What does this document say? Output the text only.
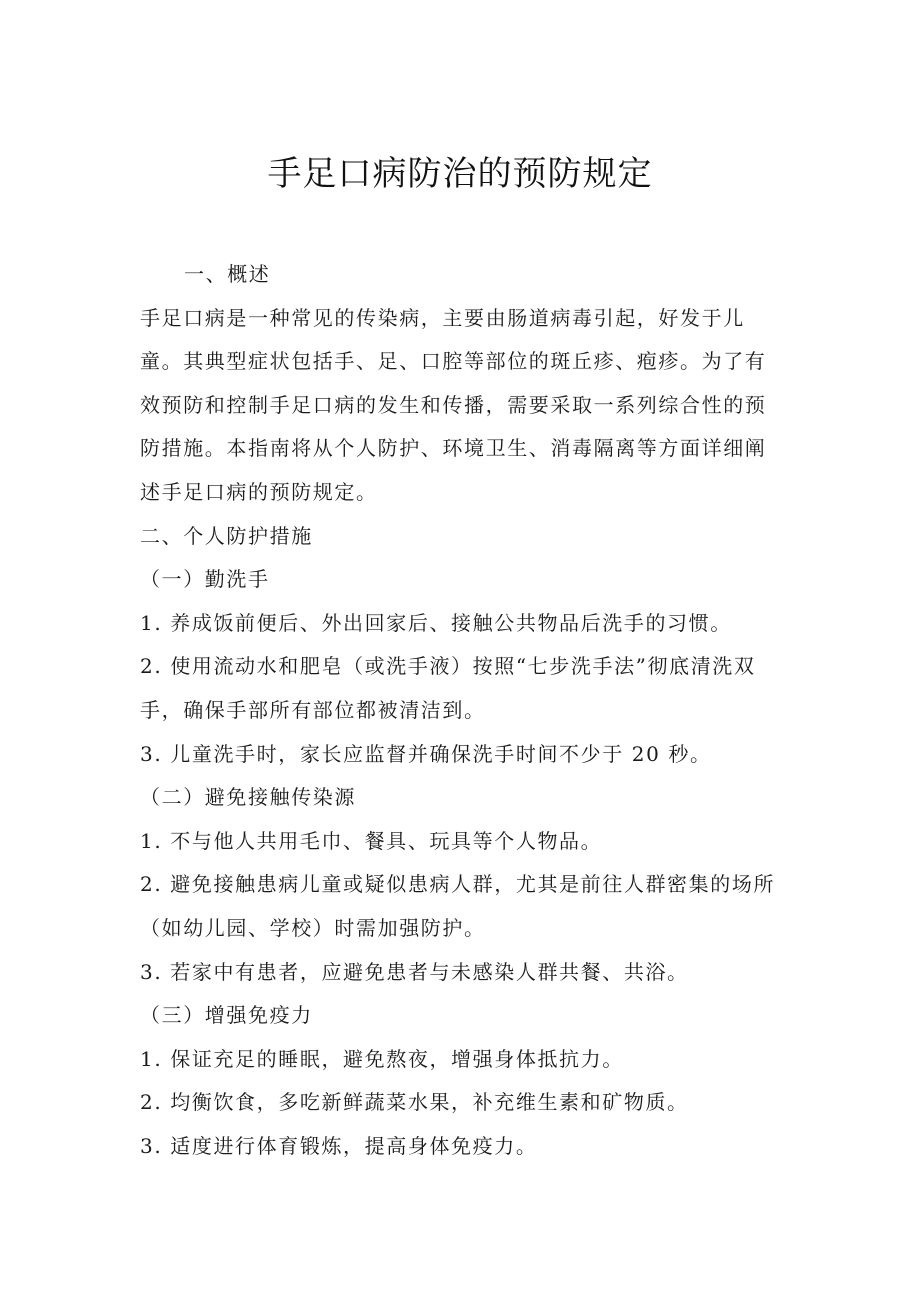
手足口病防治的预防规定
一、概述
手足口病是一种常见的传染病，主要由肠道病毒引起，好发于儿
童。其典型症状包括手、足、口腔等部位的斑丘疹、疱疹。为了有
效预防和控制手足口病的发生和传播，需要采取一系列综合性的预
防措施。本指南将从个人防护、环境卫生、消毒隔离等方面详细阐
述手足口病的预防规定。
二、个人防护措施
（一）勤洗手
1. 养成饭前便后、外出回家后、接触公共物品后洗手的习惯。
2. 使用流动水和肥皂（或洗手液）按照“七步洗手法”彻底清洗双
手，确保手部所有部位都被清洁到。
3. 儿童洗手时，家长应监督并确保洗手时间不少于 20 秒。
（二）避免接触传染源
1. 不与他人共用毛巾、餐具、玩具等个人物品。
2. 避免接触患病儿童或疑似患病人群，尤其是前往人群密集的场所
（如幼儿园、学校）时需加强防护。
3. 若家中有患者，应避免患者与未感染人群共餐、共浴。
（三）增强免疫力
1. 保证充足的睡眠，避免熬夜，增强身体抵抗力。
2. 均衡饮食，多吃新鲜蔬菜水果，补充维生素和矿物质。
3. 适度进行体育锻炼，提高身体免疫力。
